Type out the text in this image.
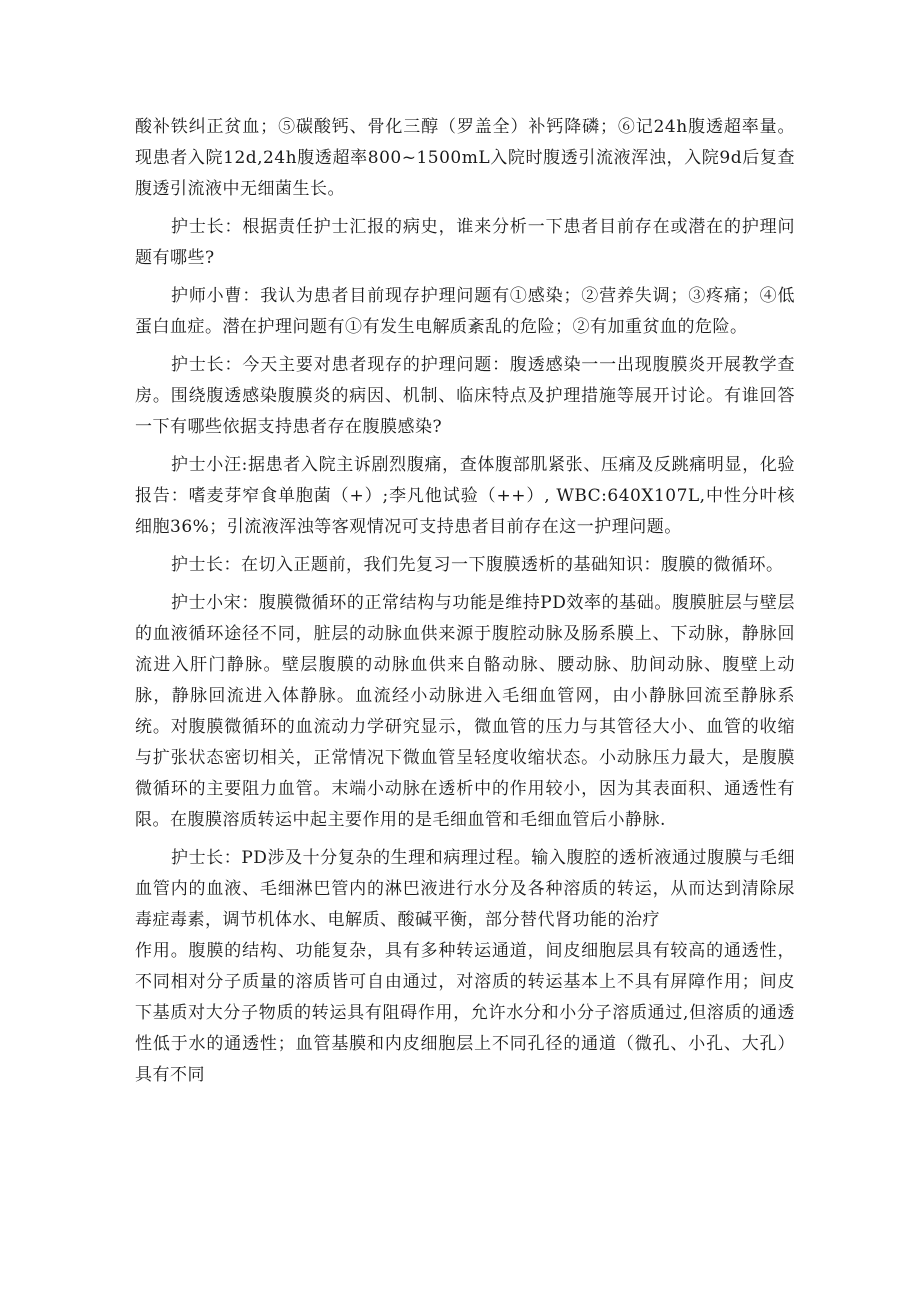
酸补铁纠正贫血；⑤碳酸钙、骨化三醇（罗盖全）补钙降磷；⑥记24h腹透超率量。现患者入院12d,24h腹透超率800~1500mL入院时腹透引流液浑浊，入院9d后复查腹透引流液中无细菌生长。

护士长：根据责任护士汇报的病史，谁来分析一下患者目前存在或潜在的护理问题有哪些?

护师小曹：我认为患者目前现存护理问题有①感染；②营养失调；③疼痛；④低蛋白血症。潜在护理问题有①有发生电解质紊乱的危险；②有加重贫血的危险。

护士长：今天主要对患者现存的护理问题：腹透感染一一出现腹膜炎开展教学查房。围绕腹透感染腹膜炎的病因、机制、临床特点及护理措施等展开讨论。有谁回答一下有哪些依据支持患者存在腹膜感染?

护士小汪:据患者入院主诉剧烈腹痛，查体腹部肌紧张、压痛及反跳痛明显，化验报告：嗜麦芽窄食单胞菌（+）;李凡他试验（++）, WBC:640X107L,中性分叶核细胞36%；引流液浑浊等客观情况可支持患者目前存在这一护理问题。

护士长：在切入正题前，我们先复习一下腹膜透析的基础知识：腹膜的微循环。

护士小宋：腹膜微循环的正常结构与功能是维持PD效率的基础。腹膜脏层与壁层的血液循环途径不同，脏层的动脉血供来源于腹腔动脉及肠系膜上、下动脉，静脉回流进入肝门静脉。壁层腹膜的动脉血供来自骼动脉、腰动脉、肋间动脉、腹壁上动脉，静脉回流进入体静脉。血流经小动脉进入毛细血管网，由小静脉回流至静脉系统。对腹膜微循环的血流动力学研究显示，微血管的压力与其管径大小、血管的收缩与扩张状态密切相关，正常情况下微血管呈轻度收缩状态。小动脉压力最大，是腹膜微循环的主要阻力血管。末端小动脉在透析中的作用较小，因为其表面积、通透性有限。在腹膜溶质转运中起主要作用的是毛细血管和毛细血管后小静脉.

护士长：PD涉及十分复杂的生理和病理过程。输入腹腔的透析液通过腹膜与毛细血管内的血液、毛细淋巴管内的淋巴液进行水分及各种溶质的转运，从而达到清除尿毒症毒素，调节机体水、电解质、酸碱平衡，部分替代肾功能的治疗

作用。腹膜的结构、功能复杂，具有多种转运通道，间皮细胞层具有较高的通透性，不同相对分子质量的溶质皆可自由通过，对溶质的转运基本上不具有屏障作用；间皮下基质对大分子物质的转运具有阻碍作用，允许水分和小分子溶质通过,但溶质的通透性低于水的通透性；血管基膜和内皮细胞层上不同孔径的通道（微孔、小孔、大孔）具有不同
